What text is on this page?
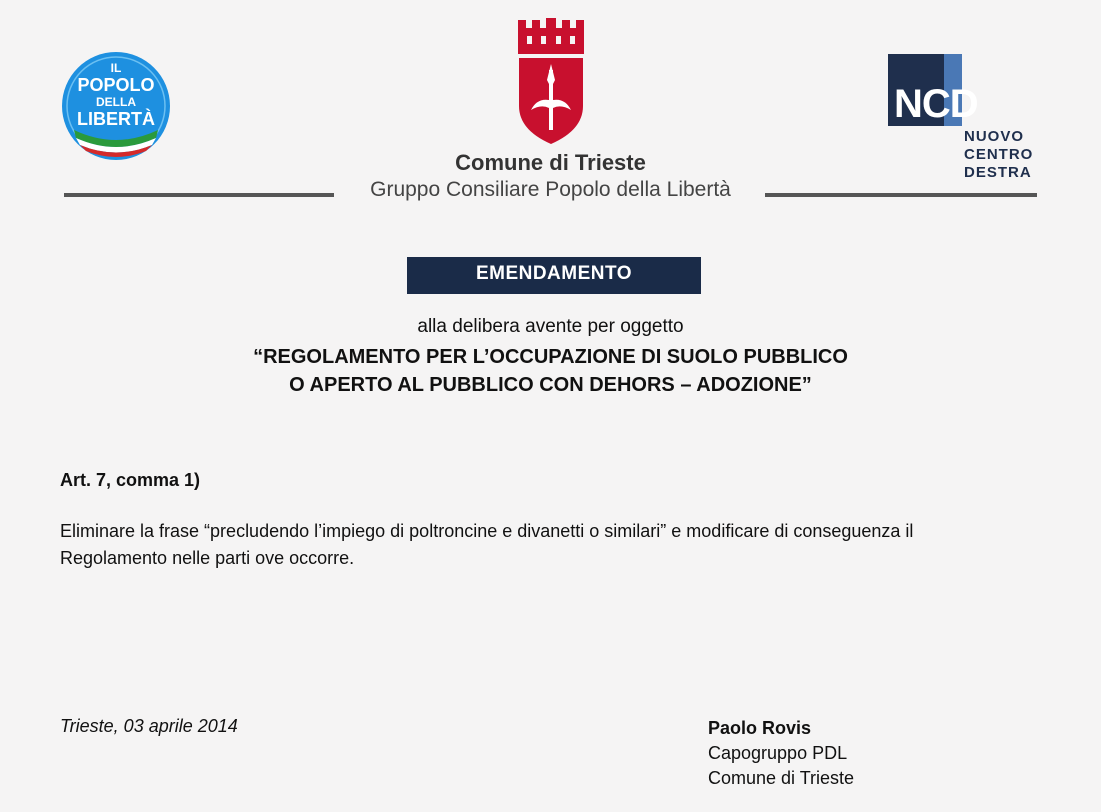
IL
POPOLO
DELLA
LIBERTÀ	NCD
NUOVO
CENTRO
DESTRA
Comune di Trieste
Gruppo Consiliare Popolo della Libertà
EMENDAMENTO
alla delibera avente per oggetto
“REGOLAMENTO PER L’OCCUPAZIONE DI SUOLO PUBBLICO
O APERTO AL PUBBLICO CON DEHORS – ADOZIONE”
Art. 7, comma 1)
Eliminare la frase “precludendo l’impiego di poltroncine e divanetti o similari” e modificare di conseguenza il
Regolamento nelle parti ove occorre.
Trieste, 03 aprile 2014	Paolo Rovis
Capogruppo PDL
Comune di Trieste
